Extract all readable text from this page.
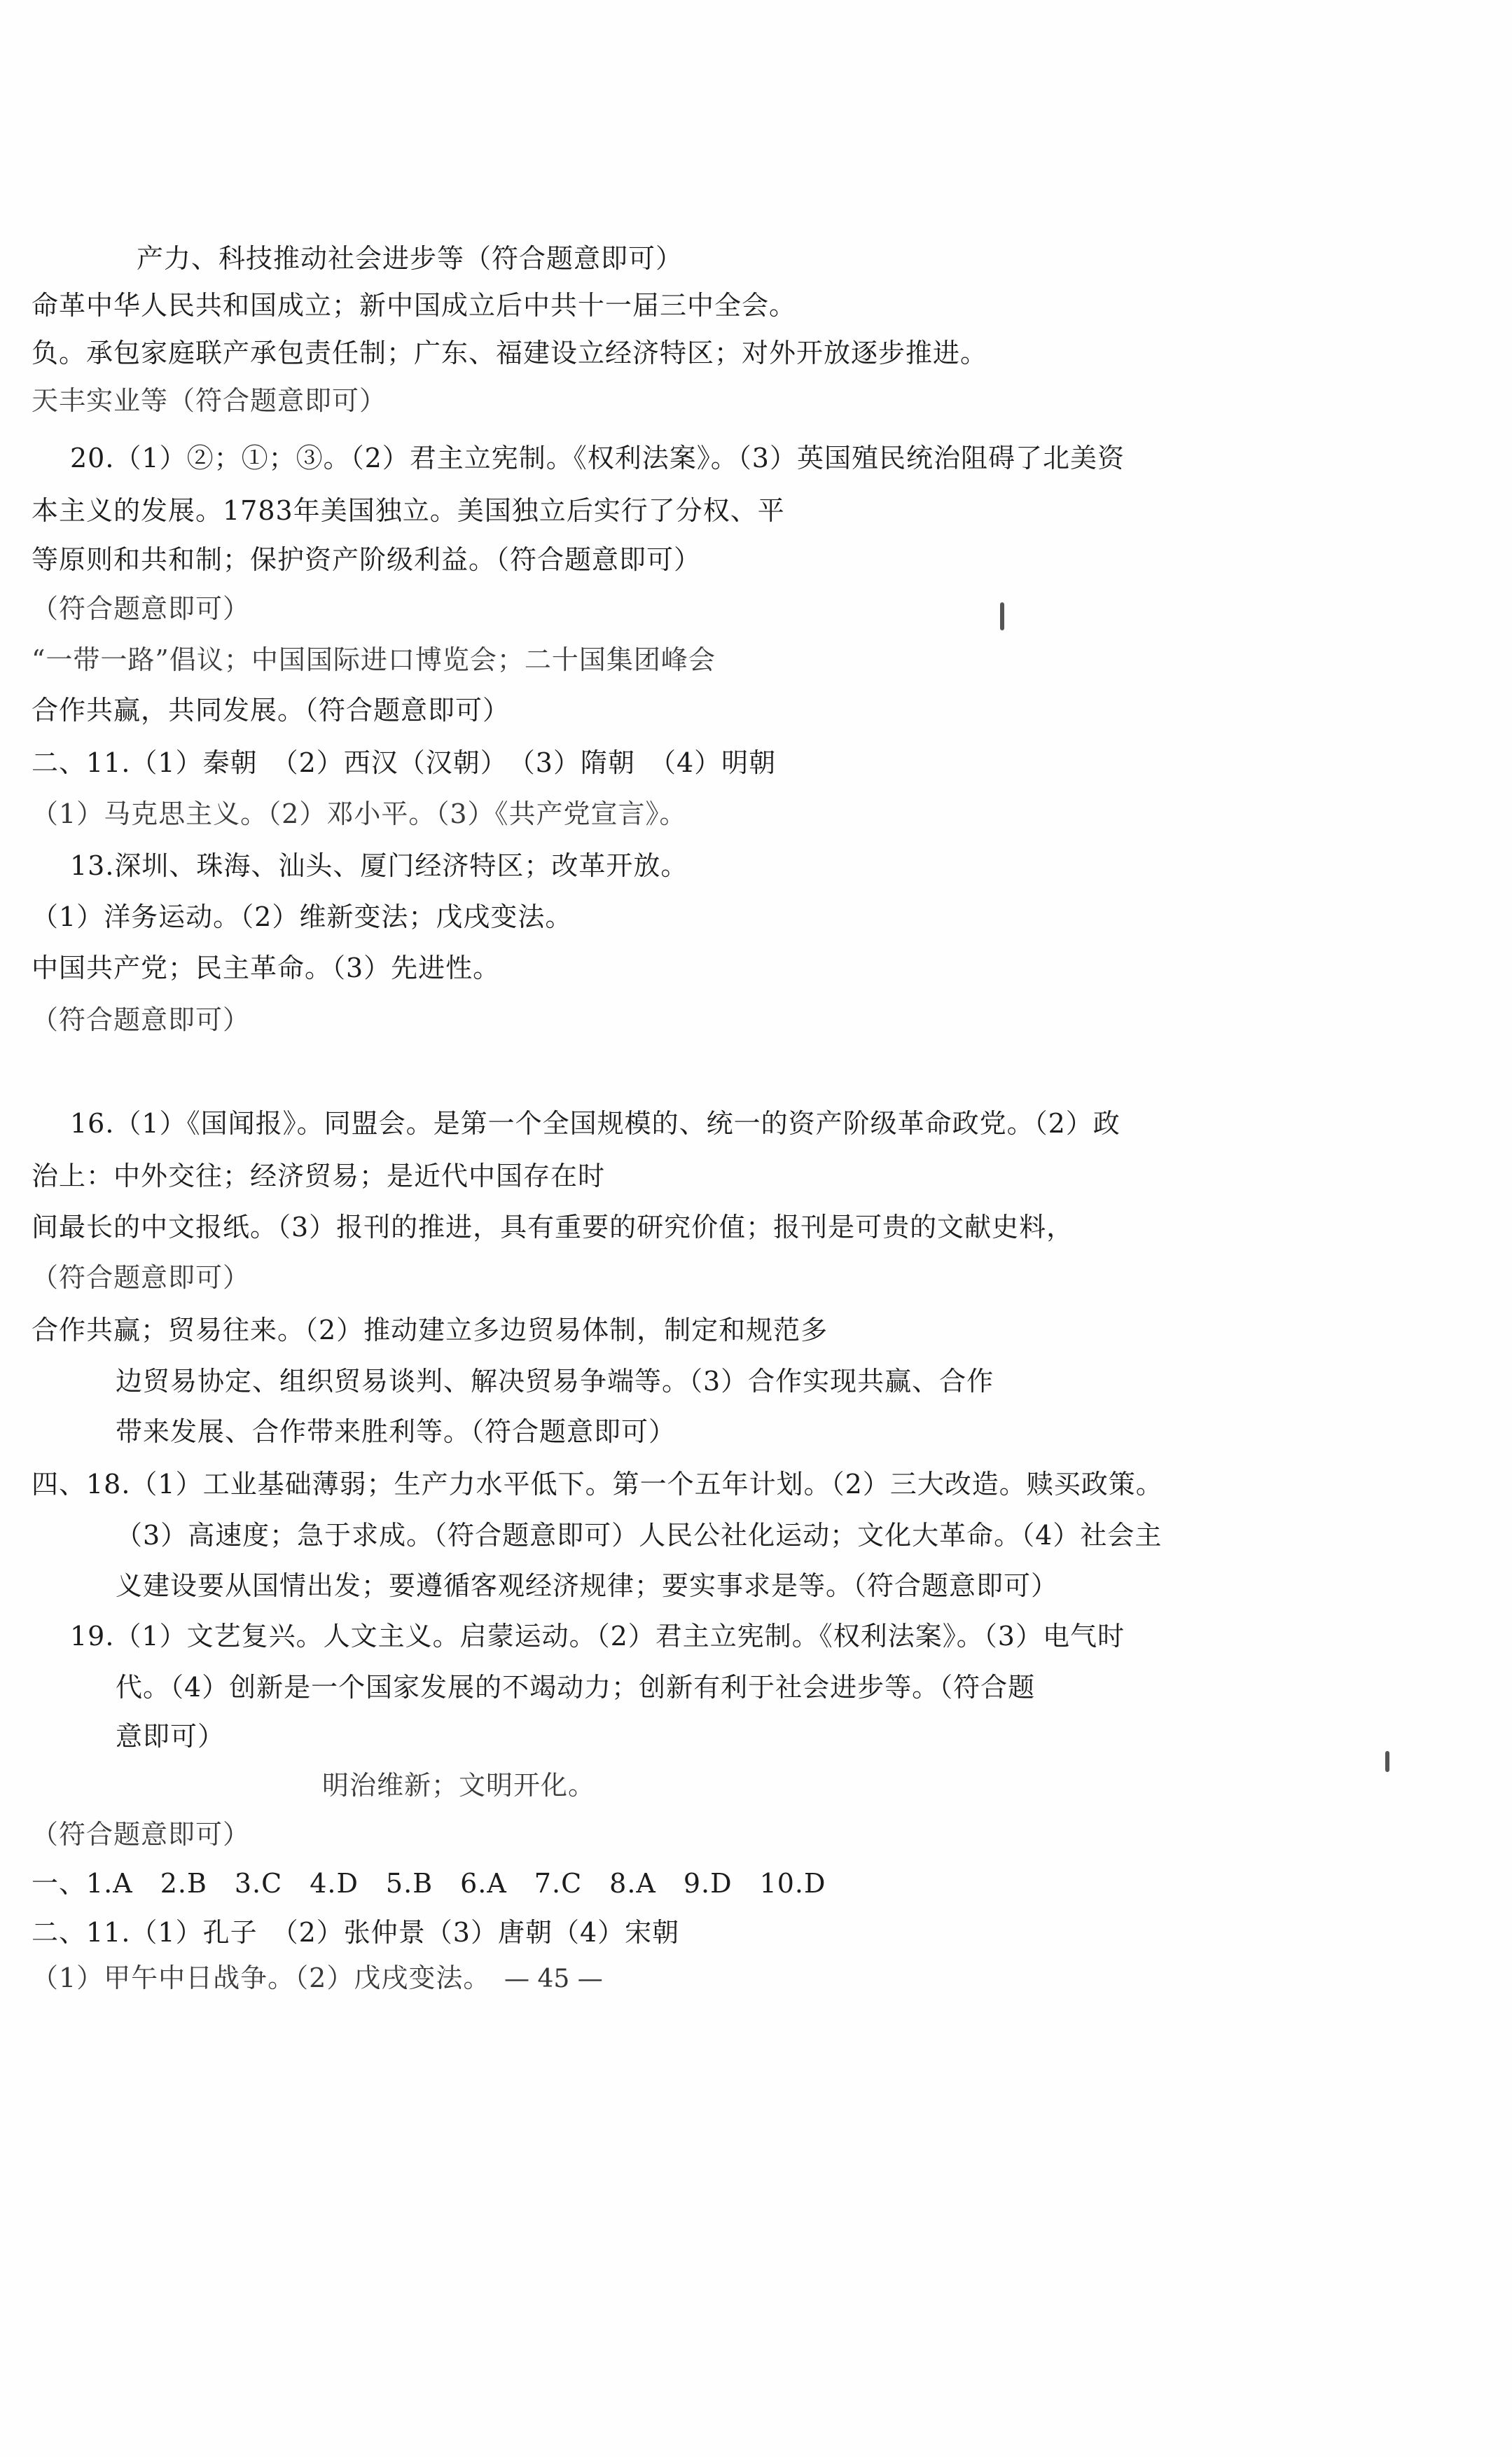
产力、科技推动社会进步等（符合题意即可）
命革中华人民共和国成立；新中国成立后中共十一届三中全会。
负。承包家庭联产承包责任制；广东、福建设立经济特区；对外开放逐步推进。
天丰实业等（符合题意即可）
20.（1）②；①；③。（2）君主立宪制。《权利法案》。（3）英国殖民统治阻碍了北美资
本主义的发展。1783年美国独立。美国独立后实行了分权、平
等原则和共和制；保护资产阶级利益。（符合题意即可）
（符合题意即可）
“一带一路”倡议；中国国际进口博览会；二十国集团峰会
合作共赢，共同发展。（符合题意即可）
二、11.（1）秦朝　（2）西汉（汉朝）　（3）隋朝　（4）明朝
（1）马克思主义。（2）邓小平。（3）《共产党宣言》。
13.深圳、珠海、汕头、厦门经济特区；改革开放。
（1）洋务运动。（2）维新变法；戊戌变法。
中国共产党；民主革命。（3）先进性。
（符合题意即可）
16.（1）《国闻报》。同盟会。是第一个全国规模的、统一的资产阶级革命政党。（2）政
治上：中外交往；经济贸易；是近代中国存在时
间最长的中文报纸。（3）报刊的推进，具有重要的研究价值；报刊是可贵的文献史料，
（符合题意即可）
合作共赢；贸易往来。（2）推动建立多边贸易体制，制定和规范多
边贸易协定、组织贸易谈判、解决贸易争端等。（3）合作实现共赢、合作
带来发展、合作带来胜利等。（符合题意即可）
四、18.（1）工业基础薄弱；生产力水平低下。第一个五年计划。（2）三大改造。赎买政策。
（3）高速度；急于求成。（符合题意即可）人民公社化运动；文化大革命。（4）社会主
义建设要从国情出发；要遵循客观经济规律；要实事求是等。（符合题意即可）
19.（1）文艺复兴。人文主义。启蒙运动。（2）君主立宪制。《权利法案》。（3）电气时
代。（4）创新是一个国家发展的不竭动力；创新有利于社会进步等。（符合题
意即可）
明治维新；文明开化。
（符合题意即可）
一、1.A　2.B　3.C　4.D　5.B　6.A　7.C　8.A　9.D　10.D
二、11.（1）孔子　（2）张仲景（3）唐朝（4）宋朝
（1）甲午中日战争。（2）戊戌变法。 — 45 —
